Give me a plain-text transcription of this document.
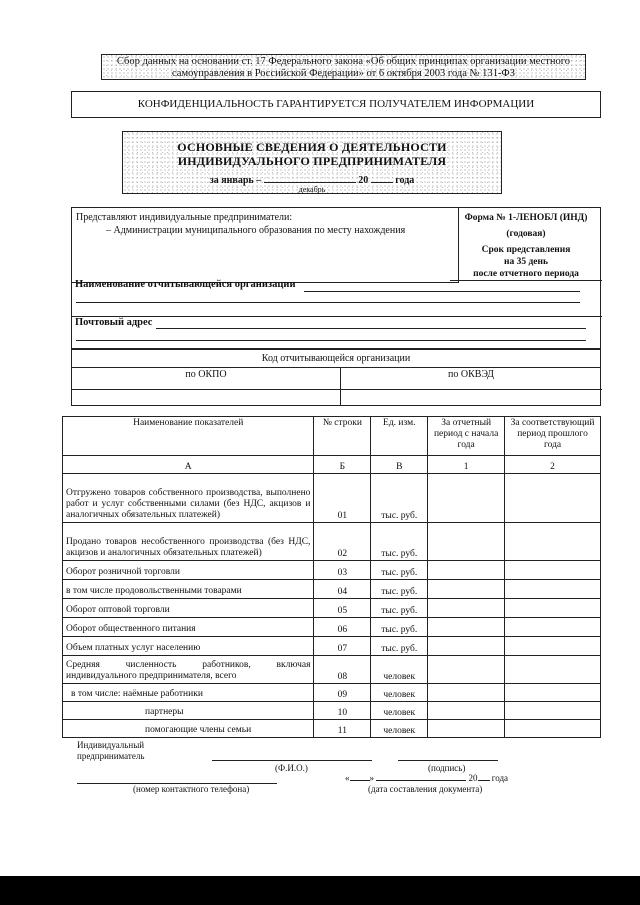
Сбор данных на основании ст. 17 Федерального закона «Об общих принципах организации местного самоуправления в Российской Федерации» от 6 октября 2003 года № 131-ФЗ
КОНФИДЕНЦИАЛЬНОСТЬ ГАРАНТИРУЕТСЯ ПОЛУЧАТЕЛЕМ ИНФОРМАЦИИ
ОСНОВНЫЕ СВЕДЕНИЯ О ДЕЯТЕЛЬНОСТИ
ИНДИВИДУАЛЬНОГО ПРЕДПРИНИМАТЕЛЯ
за январь –	20	года
декабрь
Представляют индивидуальные предприниматели:
– Администрации муниципального образования по месту нахождения
Форма № 1-ЛЕНОБЛ (ИНД)
(годовая)
Срок представления
на 35 день
после отчетного периода
Наименование отчитывающейся организации
Почтовый адрес
Код отчитывающейся организации
по ОКПО	по ОКВЭД
Наименование показателей	№ строки	Ед. изм.	За отчетный период с начала года	За соответствующий период прошлого года
А	Б	В	1	2
Отгружено товаров собственного производства, выполнено работ и услуг собственными силами (без НДС, акцизов и аналогичных обязательных платежей)	01	тыс. руб.		
Продано товаров несобственного производства (без НДС, акцизов и аналогичных обязательных платежей)	02	тыс. руб.		
Оборот розничной торговли	03	тыс. руб.		
в том числе продовольственными товарами	04	тыс. руб.		
Оборот оптовой торговли	05	тыс. руб.		
Оборот общественного питания	06	тыс. руб.		
Объем платных услуг населению	07	тыс. руб.		
Средняя численность работников, включая индивидуального предпринимателя, всего	08	человек		
в том числе: наёмные работники	09	человек		
партнеры	10	человек		
помогающие члены семьи	11	человек		
Индивидуальный
предприниматель
(Ф.И.О.)	(подпись)
(номер контактного телефона)
« »	20 года
(дата составления документа)
